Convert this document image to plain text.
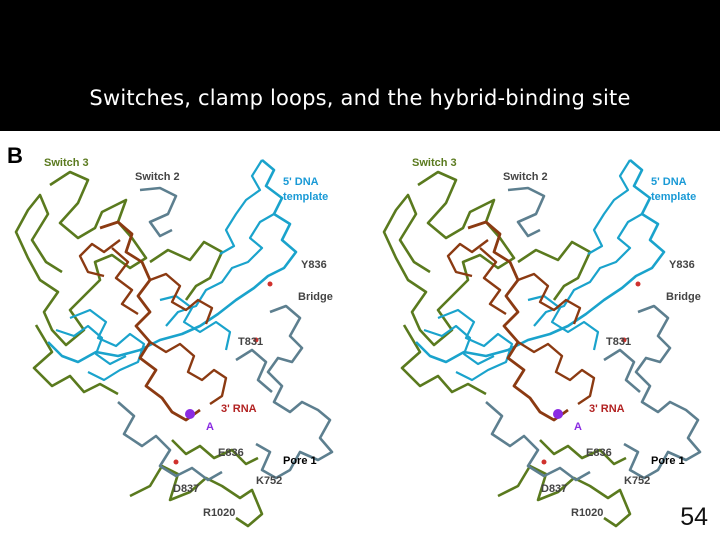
Switches, clamp loops, and the hybrid-binding site
Switch 3
Switch 2	5' DNA
template
Y836
Bridge
T831
3' RNA
A
E836
Pore 1
K752
D837
R1020
B
54
